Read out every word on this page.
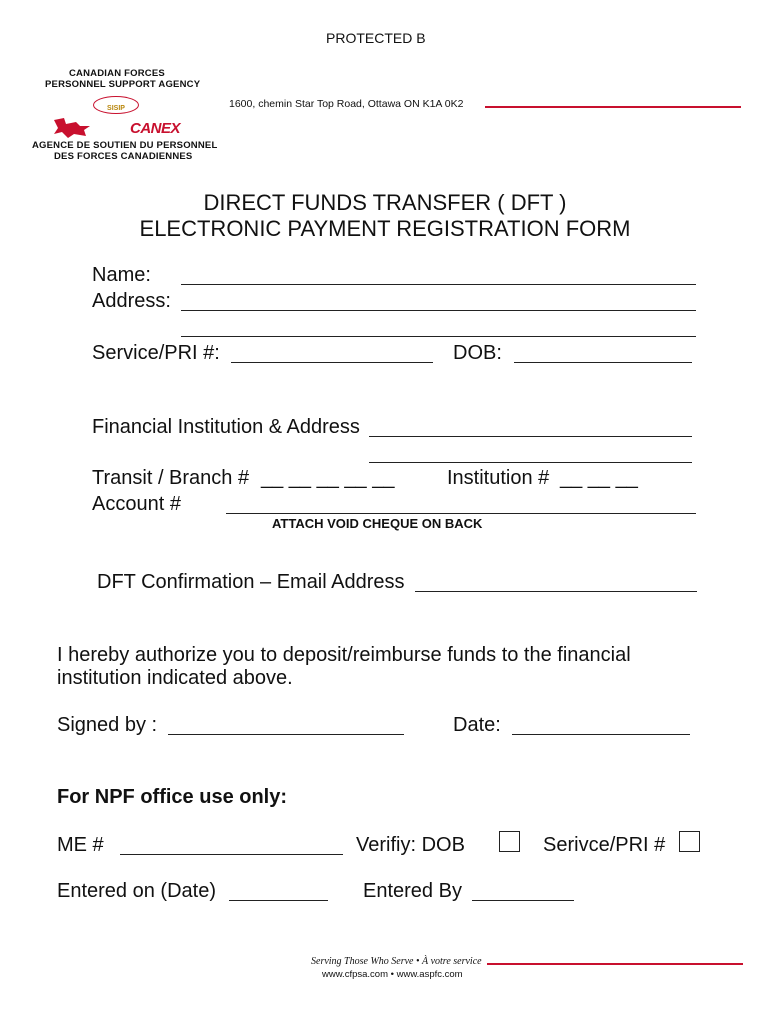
PROTECTED B
CANADIAN FORCES
PERSONNEL SUPPORT AGENCY
SISIP
CANEX
AGENCE DE SOUTIEN DU PERSONNEL
DES FORCES CANADIENNES
1600, chemin Star Top Road, Ottawa ON K1A 0K2
DIRECT FUNDS TRANSFER ( DFT )
ELECTRONIC PAYMENT REGISTRATION FORM
Name:
Address:
Service/PRI #:	DOB:
Financial Institution & Address
Transit / Branch # __ __ __ __ __	Institution # __ __ __
Account #
ATTACH VOID CHEQUE ON BACK
DFT Confirmation – Email Address
I hereby authorize you to deposit/reimburse funds to the financial
institution indicated above.
Signed by :	Date:
For NPF office use only:
ME #	Verifiy: DOB	Serivce/PRI #
Entered on (Date)	Entered By
Serving Those Who Serve • À votre service
www.cfpsa.com • www.aspfc.com
